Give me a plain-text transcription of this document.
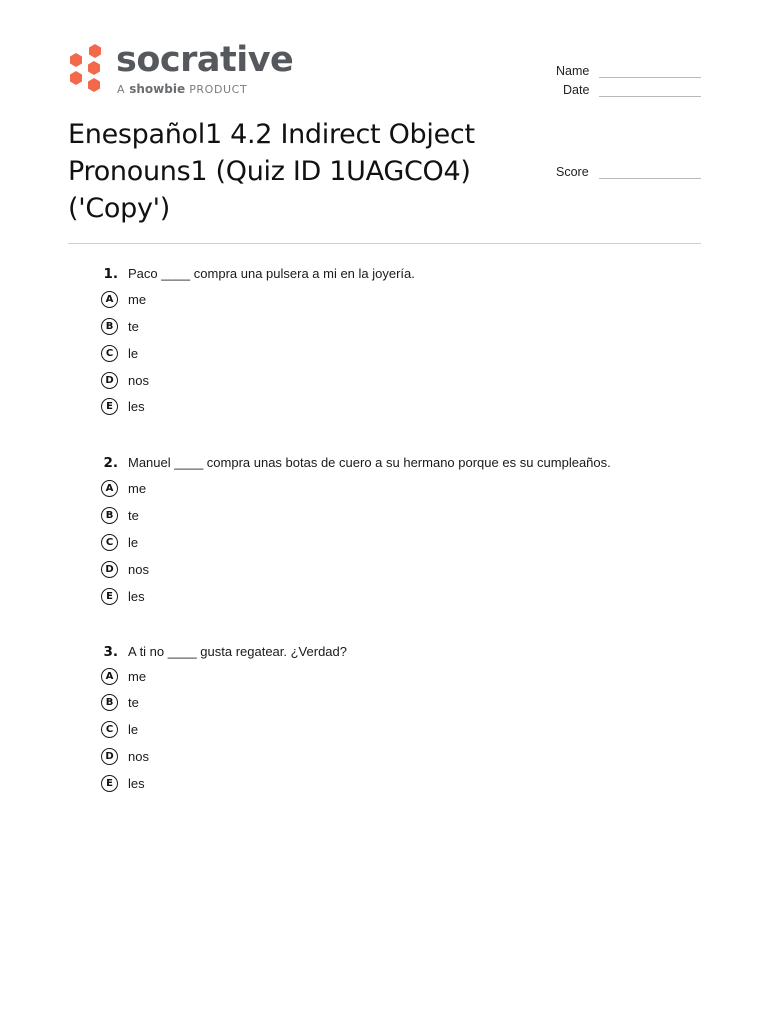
socrative
A showbie PRODUCT
Name
Date
Score
Enespañol1 4.2 Indirect Object Pronouns1 (Quiz ID 1UAGCO4) ('Copy')
1. Paco ____ compra una pulsera a mi en la joyería.
A	me
B	te
C	le
D	nos
E	les
2. Manuel ____ compra unas botas de cuero a su hermano porque es su cumpleaños.
A	me
B	te
C	le
D	nos
E	les
3. A ti no ____ gusta regatear. ¿Verdad?
A	me
B	te
C	le
D	nos
E	les
